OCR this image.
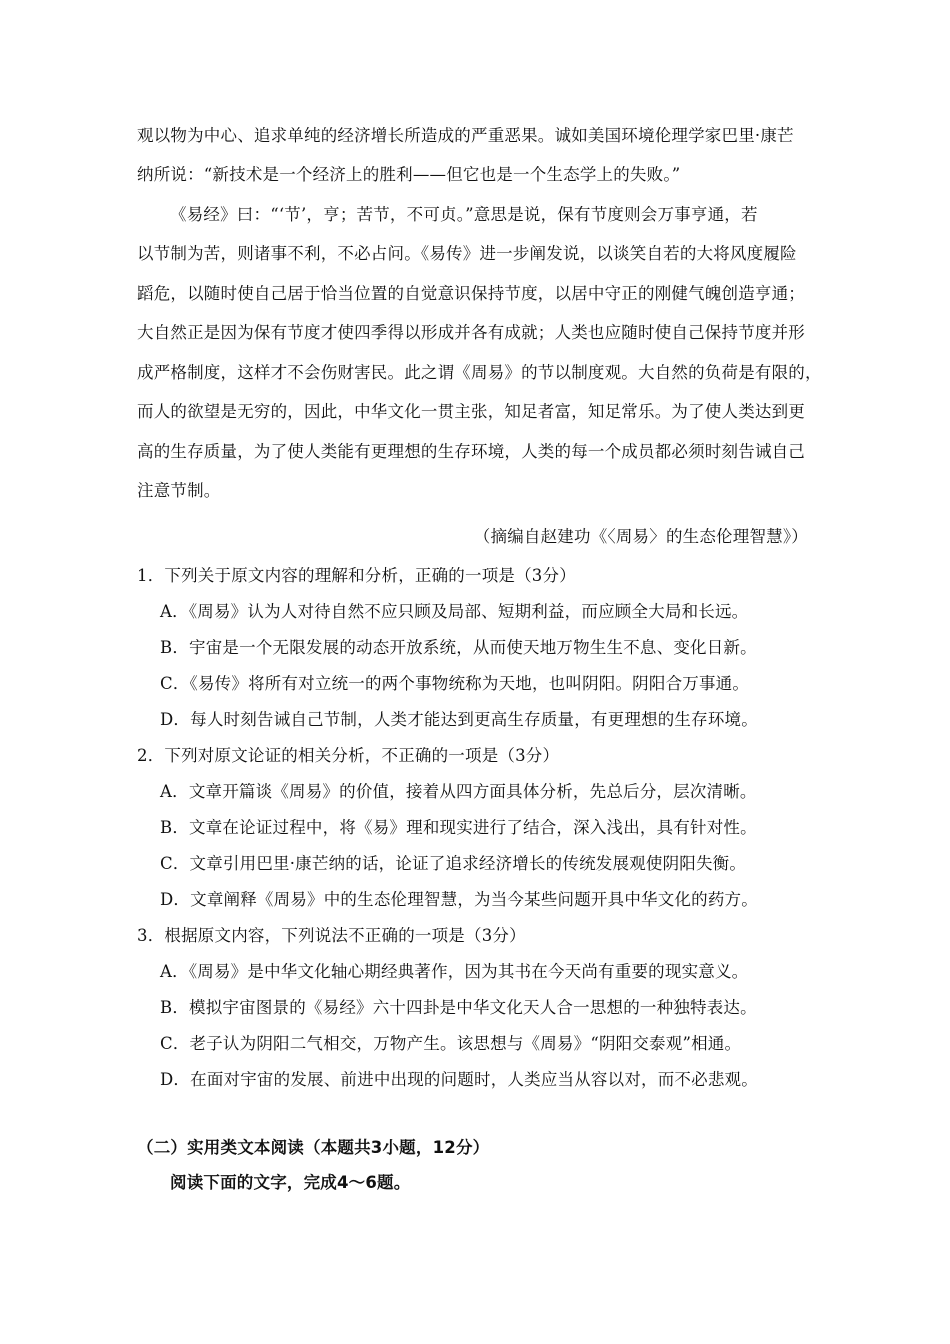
观以物为中心、追求单纯的经济增长所造成的严重恶果。诚如美国环境伦理学家巴里·康芒
纳所说：“新技术是一个经济上的胜利——但它也是一个生态学上的失败。”
《易经》曰：“‘节’，亨；苦节，不可贞。”意思是说，保有节度则会万事亨通，若
以节制为苦，则诸事不利，不必占问。《易传》进一步阐发说，以谈笑自若的大将风度履险
蹈危，以随时使自己居于恰当位置的自觉意识保持节度，以居中守正的刚健气魄创造亨通；
大自然正是因为保有节度才使四季得以形成并各有成就；人类也应随时使自己保持节度并形
成严格制度，这样才不会伤财害民。此之谓《周易》的节以制度观。大自然的负荷是有限的，
而人的欲望是无穷的，因此，中华文化一贯主张，知足者富，知足常乐。为了使人类达到更
高的生存质量，为了使人类能有更理想的生存环境，人类的每一个成员都必须时刻告诫自己
注意节制。
（摘编自赵建功《〈周易〉的生态伦理智慧》）
1．下列关于原文内容的理解和分析，正确的一项是（3分）
A．《周易》认为人对待自然不应只顾及局部、短期利益，而应顾全大局和长远。
B．宇宙是一个无限发展的动态开放系统，从而使天地万物生生不息、变化日新。
C．《易传》将所有对立统一的两个事物统称为天地，也叫阴阳。阴阳合万事通。
D．每人时刻告诫自己节制，人类才能达到更高生存质量，有更理想的生存环境。
2．下列对原文论证的相关分析，不正确的一项是（3分）
A．文章开篇谈《周易》的价值，接着从四方面具体分析，先总后分，层次清晰。
B．文章在论证过程中，将《易》理和现实进行了结合，深入浅出，具有针对性。
C．文章引用巴里·康芒纳的话，论证了追求经济增长的传统发展观使阴阳失衡。
D．文章阐释《周易》中的生态伦理智慧，为当今某些问题开具中华文化的药方。
3．根据原文内容，下列说法不正确的一项是（3分）
A．《周易》是中华文化轴心期经典著作，因为其书在今天尚有重要的现实意义。
B．模拟宇宙图景的《易经》六十四卦是中华文化天人合一思想的一种独特表达。
C．老子认为阴阳二气相交，万物产生。该思想与《周易》“阴阳交泰观”相通。
D．在面对宇宙的发展、前进中出现的问题时，人类应当从容以对，而不必悲观。
（二）实用类文本阅读（本题共3小题，12分）
阅读下面的文字，完成4～6题。
